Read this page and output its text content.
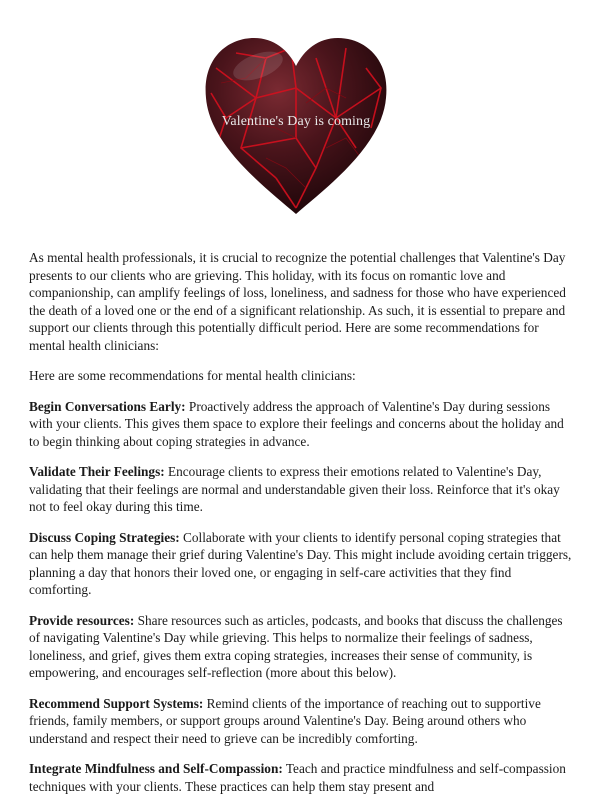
Valentine's Day is coming

As mental health professionals, it is crucial to recognize the potential challenges that Valentine's Day presents to our clients who are grieving. This holiday, with its focus on romantic love and companionship, can amplify feelings of loss, loneliness, and sadness for those who have experienced the death of a loved one or the end of a significant relationship. As such, it is essential to prepare and support our clients through this potentially difficult period. Here are some recommendations for mental health clinicians:

Here are some recommendations for mental health clinicians:

Begin Conversations Early: Proactively address the approach of Valentine's Day during sessions with your clients. This gives them space to explore their feelings and concerns about the holiday and to begin thinking about coping strategies in advance.

Validate Their Feelings: Encourage clients to express their emotions related to Valentine's Day, validating that their feelings are normal and understandable given their loss. Reinforce that it's okay not to feel okay during this time.

Discuss Coping Strategies: Collaborate with your clients to identify personal coping strategies that can help them manage their grief during Valentine's Day. This might include avoiding certain triggers, planning a day that honors their loved one, or engaging in self-care activities that they find comforting.

Provide resources: Share resources such as articles, podcasts, and books that discuss the challenges of navigating Valentine's Day while grieving. This helps to normalize their feelings of sadness, loneliness, and grief, gives them extra coping strategies, increases their sense of community, is empowering, and encourages self-reflection (more about this below).

Recommend Support Systems: Remind clients of the importance of reaching out to supportive friends, family members, or support groups around Valentine's Day. Being around others who understand and respect their need to grieve can be incredibly comforting.

Integrate Mindfulness and Self-Compassion: Teach and practice mindfulness and self-compassion techniques with your clients. These practices can help them stay present and
